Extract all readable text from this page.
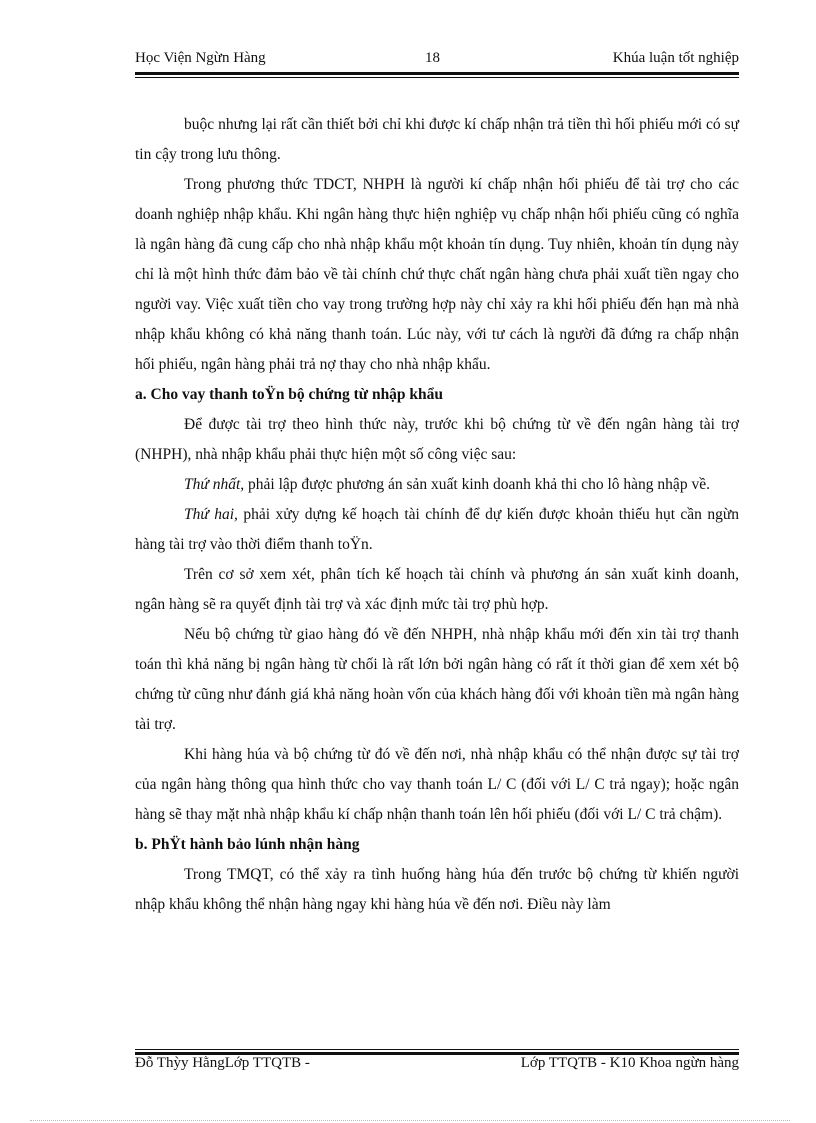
Học Viện Ngừn Hàng	18	Khúa luận tốt nghiệp

buộc nhưng lại rất cần thiết bởi chỉ khi được kí chấp nhận trả tiền thì hối phiếu mới có sự tin cậy trong lưu thông.

Trong phương thức TDCT, NHPH là người kí chấp nhận hối phiếu để tài trợ cho các doanh nghiệp nhập khẩu. Khi ngân hàng thực hiện nghiệp vụ chấp nhận hối phiếu cũng có nghĩa là ngân hàng đã cung cấp cho nhà nhập khẩu một khoản tín dụng. Tuy nhiên, khoản tín dụng này chỉ là một hình thức đảm bảo về tài chính chứ thực chất ngân hàng chưa phải xuất tiền ngay cho người vay. Việc xuất tiền cho vay trong trường hợp này chỉ xảy ra khi hối phiếu đến hạn mà nhà nhập khẩu không có khả năng thanh toán. Lúc này, với tư cách là người đã đứng ra chấp nhận hối phiếu, ngân hàng phải trả nợ thay cho nhà nhập khẩu.

a. Cho vay thanh toŸn bộ chứng từ nhập khẩu

Để được tài trợ theo hình thức này, trước khi bộ chứng từ về đến ngân hàng tài trợ (NHPH), nhà nhập khẩu phải thực hiện một số công việc sau:

Thứ nhất, phải lập được phương án sản xuất kinh doanh khả thi cho lô hàng nhập về.

Thứ hai, phải xửy dựng kế hoạch tài chính để dự kiến được khoản thiếu hụt cần ngừn hàng tài trợ vào thời điểm thanh toŸn.

Trên cơ sở xem xét, phân tích kế hoạch tài chính và phương án sản xuất kinh doanh, ngân hàng sẽ ra quyết định tài trợ và xác định mức tài trợ phù hợp.

Nếu bộ chứng từ giao hàng đó về đến NHPH, nhà nhập khẩu mới đến xin tài trợ thanh toán thì khả năng bị ngân hàng từ chối là rất lớn bởi ngân hàng có rất ít thời gian để xem xét bộ chứng từ cũng như đánh giá khả năng hoàn vốn của khách hàng đối với khoản tiền mà ngân hàng tài trợ.

Khi hàng húa và bộ chứng từ đó về đến nơi, nhà nhập khẩu có thể nhận được sự tài trợ của ngân hàng thông qua hình thức cho vay thanh toán L/ C (đối với L/ C trả ngay); hoặc ngân hàng sẽ thay mặt nhà nhập khẩu kí chấp nhận thanh toán lên hối phiếu (đối với L/ C trả chậm).

b. PhŸt hành bảo lúnh nhận hàng

Trong TMQT, có thể xảy ra tình huống hàng húa đến trước bộ chứng từ khiến người nhập khẩu không thể nhận hàng ngay khi hàng húa về đến nơi. Điều này làm

Đỗ Thỳy HằngLớp TTQTB -	Lớp TTQTB - K10 Khoa ngừn hàng
